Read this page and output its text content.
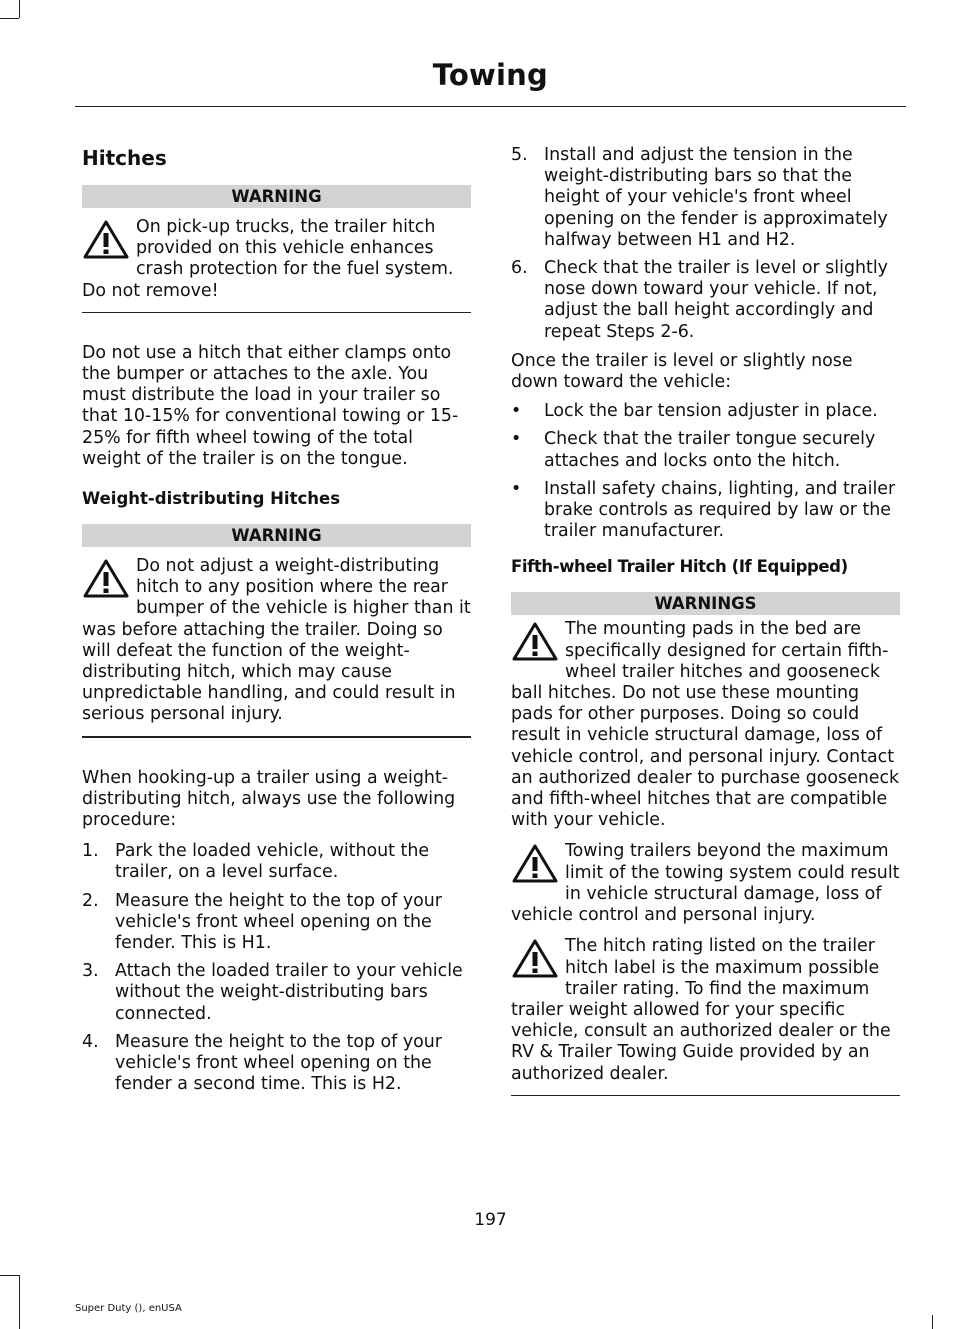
Towing
Hitches
WARNING

On pick-up trucks, the trailer hitch provided on this vehicle enhances crash protection for the fuel system. Do not remove!

Do not use a hitch that either clamps onto the bumper or attaches to the axle. You must distribute the load in your trailer so that 10-15% for conventional towing or 15-25% for fifth wheel towing of the total weight of the trailer is on the tongue.

Weight-distributing Hitches
WARNING

Do not adjust a weight-distributing hitch to any position where the rear bumper of the vehicle is higher than it was before attaching the trailer. Doing so will defeat the function of the weight-distributing hitch, which may cause unpredictable handling, and could result in serious personal injury.

When hooking-up a trailer using a weight-distributing hitch, always use the following procedure:

1. Park the loaded vehicle, without the trailer, on a level surface.
2. Measure the height to the top of your vehicle's front wheel opening on the fender. This is H1.
3. Attach the loaded trailer to your vehicle without the weight-distributing bars connected.
4. Measure the height to the top of your vehicle's front wheel opening on the fender a second time. This is H2.
5. Install and adjust the tension in the weight-distributing bars so that the height of your vehicle's front wheel opening on the fender is approximately halfway between H1 and H2.
6. Check that the trailer is level or slightly nose down toward your vehicle. If not, adjust the ball height accordingly and repeat Steps 2-6.

Once the trailer is level or slightly nose down toward the vehicle:

• Lock the bar tension adjuster in place.
• Check that the trailer tongue securely attaches and locks onto the hitch.
• Install safety chains, lighting, and trailer brake controls as required by law or the trailer manufacturer.
Fifth-wheel Trailer Hitch (If Equipped)
WARNINGS

The mounting pads in the bed are specifically designed for certain fifth-wheel trailer hitches and gooseneck ball hitches. Do not use these mounting pads for other purposes. Doing so could result in vehicle structural damage, loss of vehicle control, and personal injury. Contact an authorized dealer to purchase gooseneck and fifth-wheel hitches that are compatible with your vehicle.

Towing trailers beyond the maximum limit of the towing system could result in vehicle structural damage, loss of vehicle control and personal injury.

The hitch rating listed on the trailer hitch label is the maximum possible trailer rating. To find the maximum trailer weight allowed for your specific vehicle, consult an authorized dealer or the RV & Trailer Towing Guide provided by an authorized dealer.

197
Super Duty (), enUSA
